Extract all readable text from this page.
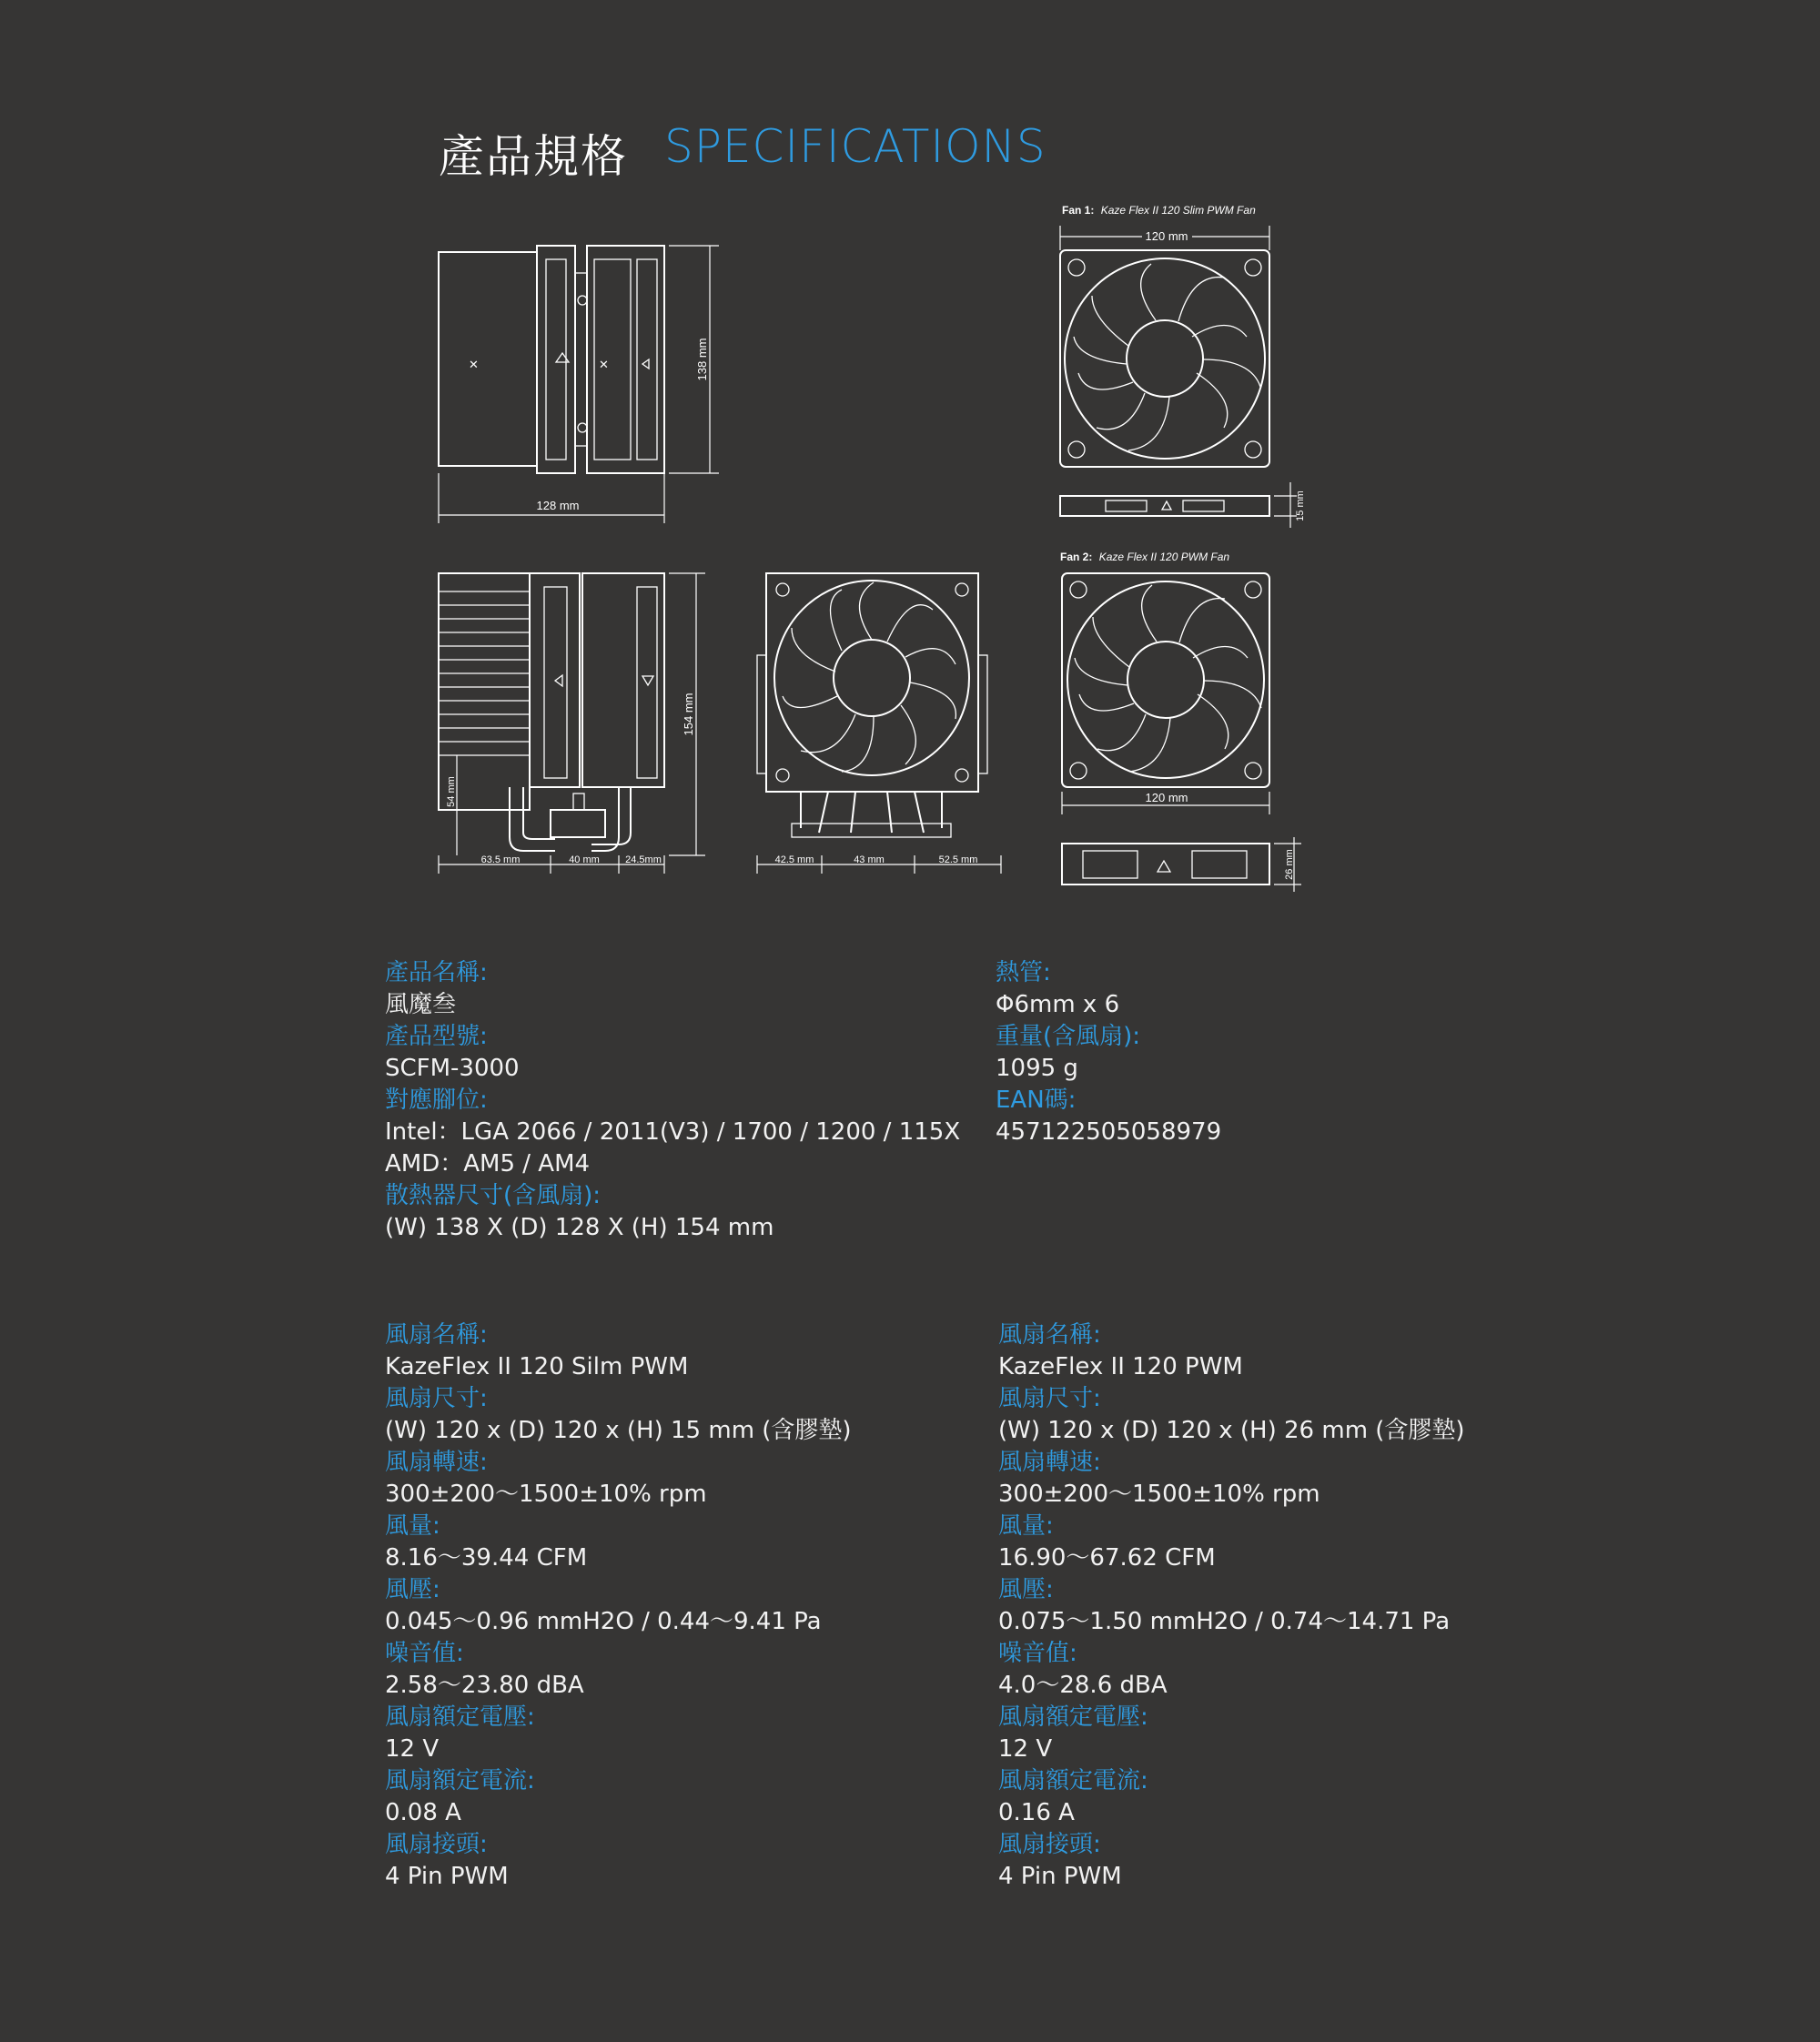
產品規格 SPECIFICATIONS
✕	✕
128 mm
138 mm
63.5 mm	40 mm	24.5mm
154 mm
54 mm
42.5 mm	43 mm	52.5 mm
Fan 1: Kaze Flex II 120 Slim PWM Fan
120 mm
15 mm
Fan 2: Kaze Flex II 120 PWM Fan
120 mm
26 mm
產品名稱:
風魔叁
產品型號:
SCFM-3000
對應腳位:
Intel：LGA 2066 / 2011(V3) / 1700 / 1200 / 115X
AMD：AM5 / AM4
散熱器尺寸(含風扇):
(W) 138 X (D) 128 X (H) 154 mm
熱管:
Φ6mm x 6
重量(含風扇):
1095 g
EAN碼:
4571225050589​79
風扇名稱:
KazeFlex II 120 Silm PWM
風扇尺寸:
(W) 120 x (D) 120 x (H) 15 mm (含膠墊)
風扇轉速:
300±200〜1500±10% rpm
風量:
8.16〜39.44 CFM
風壓:
0.045〜0.96 mmH2O / 0.44〜9.41 Pa
噪音值:
2.58〜23.80 dBA
風扇額定電壓:
12 V
風扇額定電流:
0.08 A
風扇接頭:
4 Pin PWM
風扇名稱:
KazeFlex II 120 PWM
風扇尺寸:
(W) 120 x (D) 120 x (H) 26 mm (含膠墊)
風扇轉速:
300±200〜1500±10% rpm
風量:
16.90〜67.62 CFM
風壓:
0.075〜1.50 mmH2O / 0.74〜14.71 Pa
噪音值:
4.0〜28.6 dBA
風扇額定電壓:
12 V
風扇額定電流:
0.16 A
風扇接頭:
4 Pin PWM
